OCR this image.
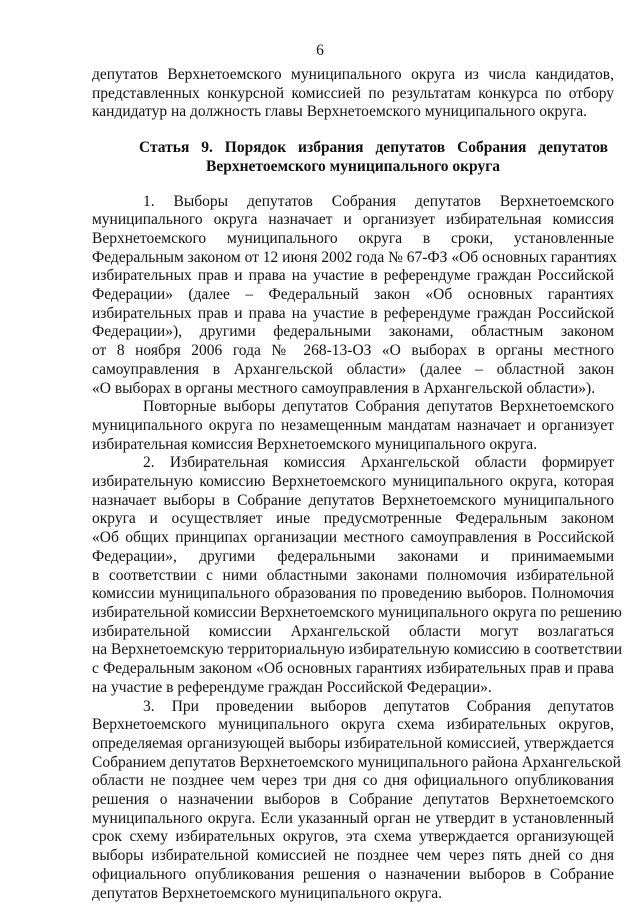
6
депутатов Верхнетоемского муниципального округа из числа кандидатов,
представленных конкурсной комиссией по результатам конкурса по отбору
кандидатур на должность главы Верхнетоемского муниципального округа.
Статья 9. Порядок избрания депутатов Собрания депутатов
Верхнетоемского муниципального округа
1. Выборы депутатов Собрания депутатов Верхнетоемского
муниципального округа назначает и организует избирательная комиссия
Верхнетоемского муниципального округа в сроки, установленные
Федеральным законом от 12 июня 2002 года № 67-ФЗ «Об основных гарантиях
избирательных прав и права на участие в референдуме граждан Российской
Федерации» (далее – Федеральный закон «Об основных гарантиях
избирательных прав и права на участие в референдуме граждан Российской
Федерации»), другими федеральными законами, областным законом
от 8 ноября 2006 года № 268-13-ОЗ «О выборах в органы местного
самоуправления в Архангельской области» (далее – областной закон
«О выборах в органы местного самоуправления в Архангельской области»).
Повторные выборы депутатов Собрания депутатов Верхнетоемского
муниципального округа по незамещенным мандатам назначает и организует
избирательная комиссия Верхнетоемского муниципального округа.
2. Избирательная комиссия Архангельской области формирует
избирательную комиссию Верхнетоемского муниципального округа, которая
назначает выборы в Собрание депутатов Верхнетоемского муниципального
округа и осуществляет иные предусмотренные Федеральным законом
«Об общих принципах организации местного самоуправления в Российской
Федерации», другими федеральными законами и принимаемыми
в соответствии с ними областными законами полномочия избирательной
комиссии муниципального образования по проведению выборов. Полномочия
избирательной комиссии Верхнетоемского муниципального округа по решению
избирательной комиссии Архангельской области могут возлагаться
на Верхнетоемскую территориальную избирательную комиссию в соответствии
с Федеральным законом «Об основных гарантиях избирательных прав и права
на участие в референдуме граждан Российской Федерации».
3. При проведении выборов депутатов Собрания депутатов
Верхнетоемского муниципального округа схема избирательных округов,
определяемая организующей выборы избирательной комиссией, утверждается
Собранием депутатов Верхнетоемского муниципального района Архангельской
области не позднее чем через три дня со дня официального опубликования
решения о назначении выборов в Собрание депутатов Верхнетоемского
муниципального округа. Если указанный орган не утвердит в установленный
срок схему избирательных округов, эта схема утверждается организующей
выборы избирательной комиссией не позднее чем через пять дней со дня
официального опубликования решения о назначении выборов в Собрание
депутатов Верхнетоемского муниципального округа.
